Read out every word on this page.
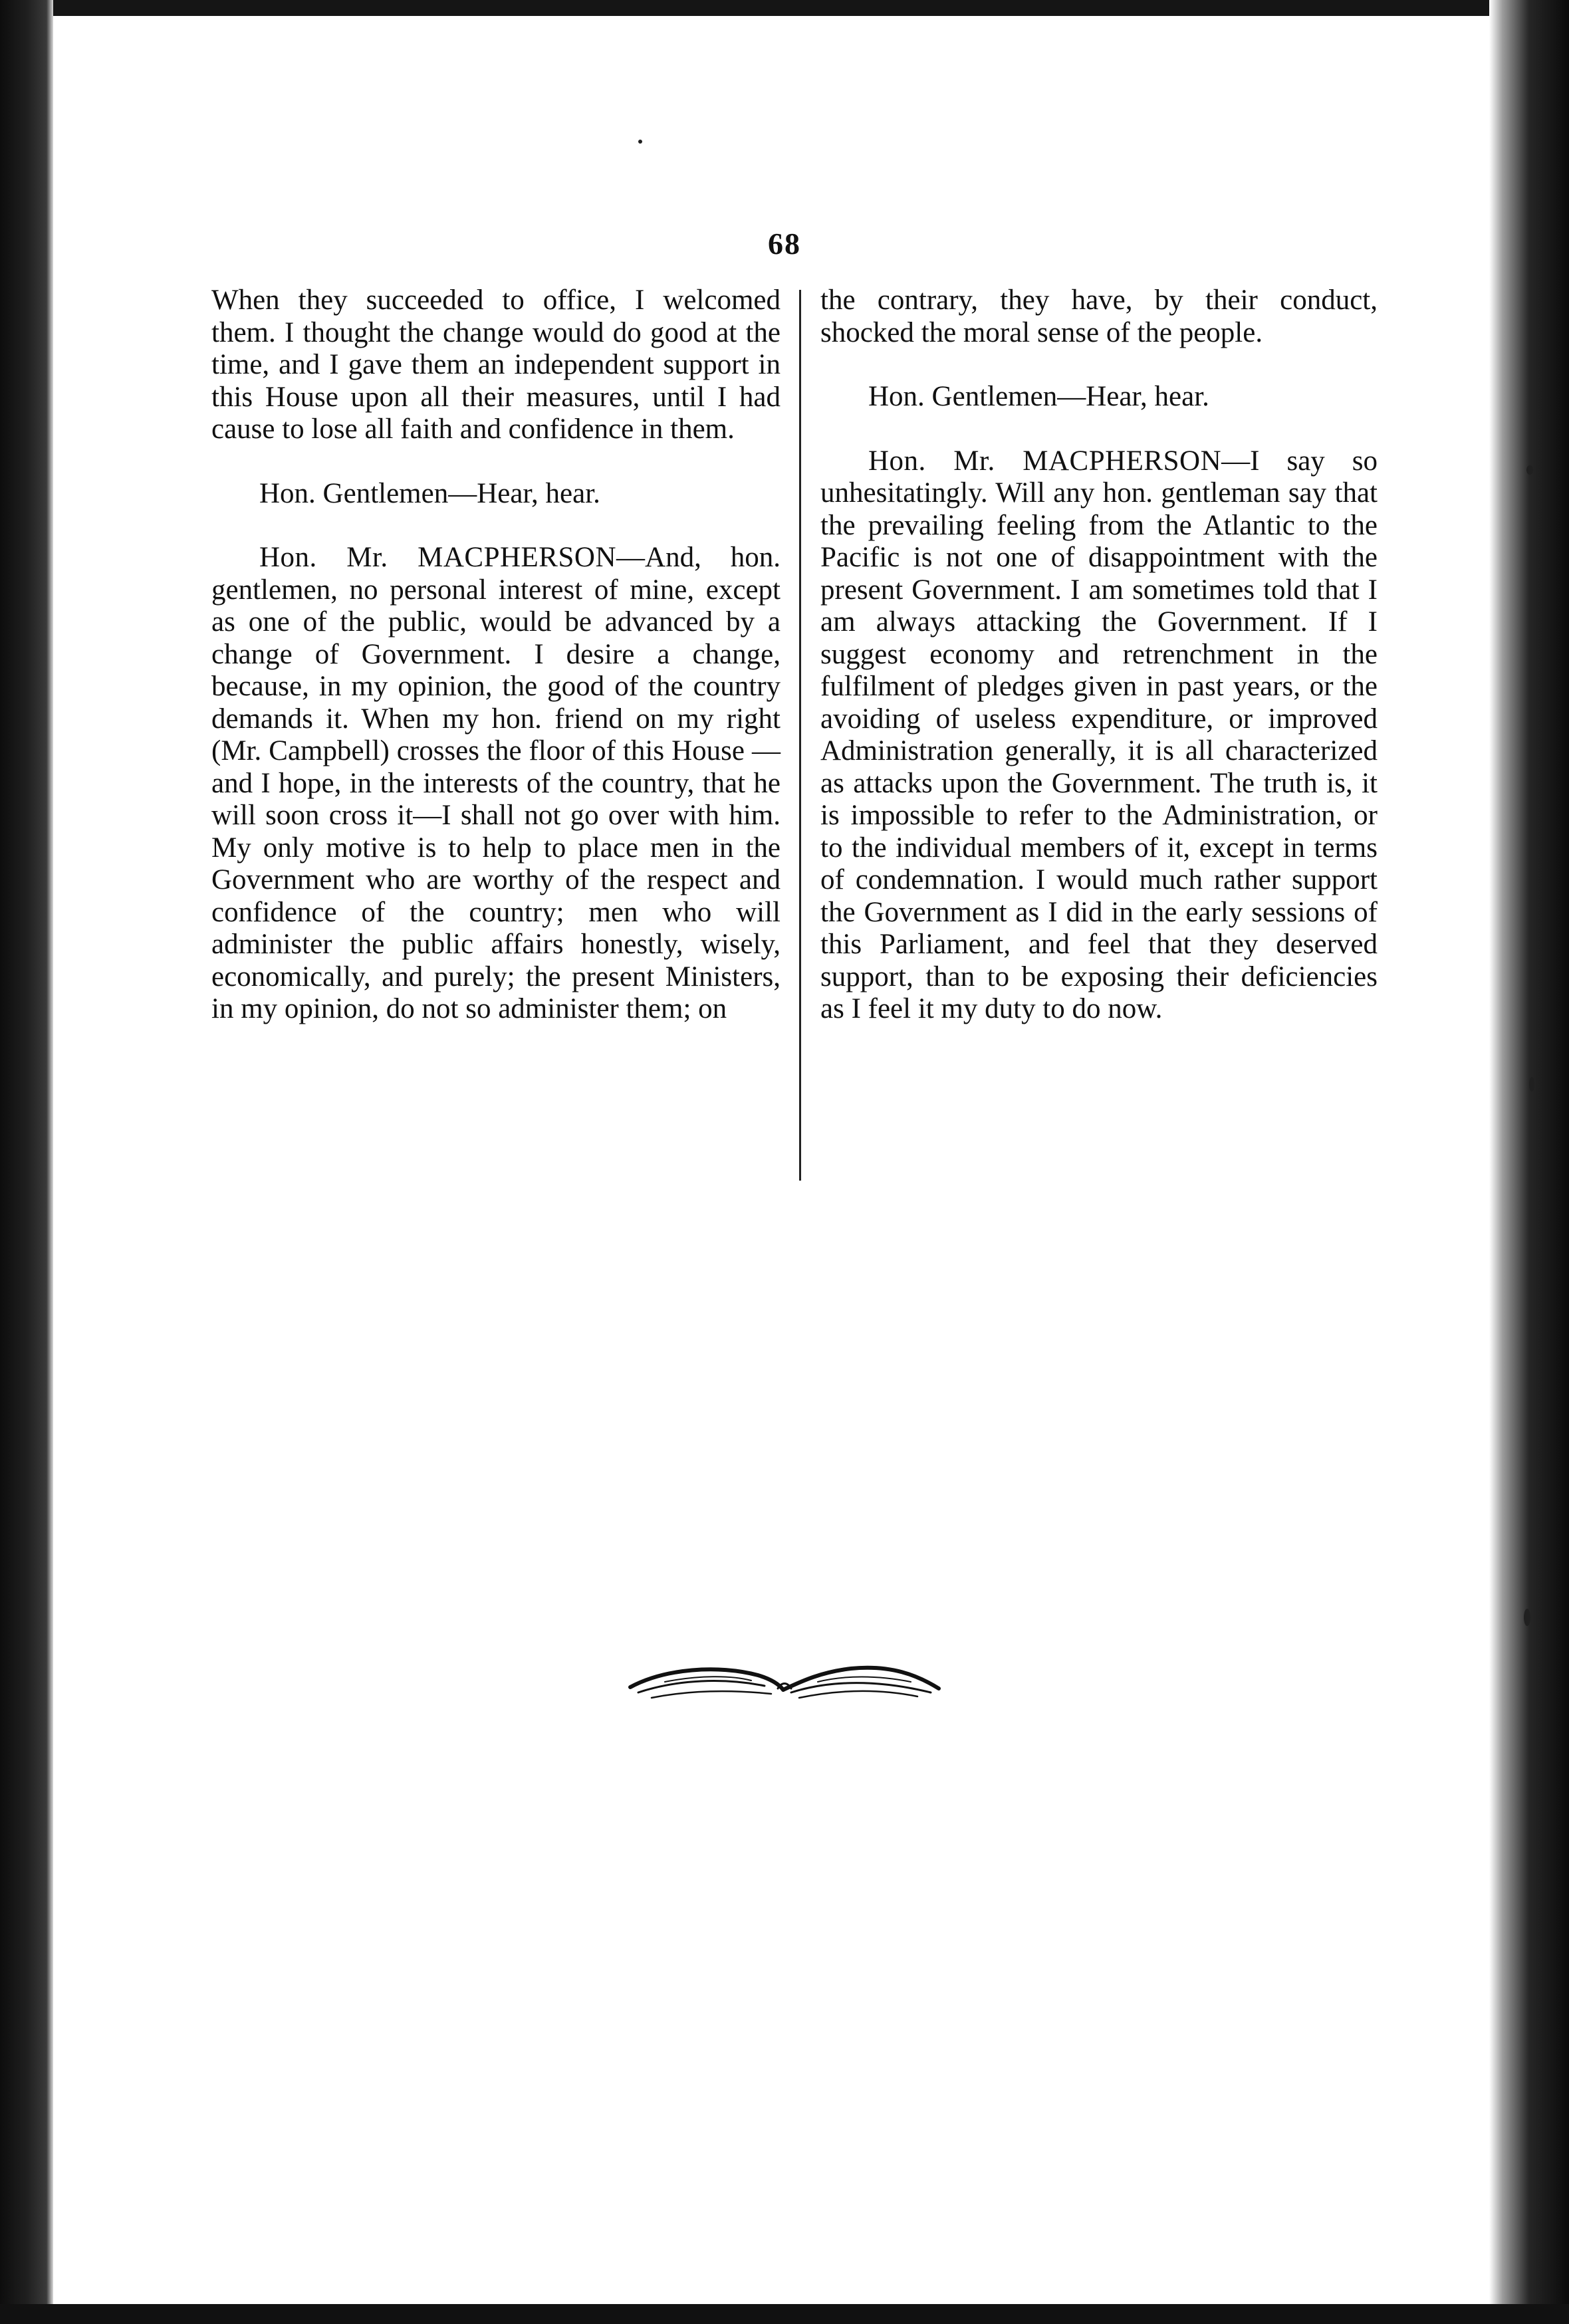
68

When they succeeded to office, I welcomed them. I thought the change would do good at the time, and I gave them an independent support in this House upon all their measures, until I had cause to lose all faith and confidence in them.

Hon. Gentlemen—Hear, hear.

Hon. Mr. MACPHERSON—And, hon. gentlemen, no personal interest of mine, except as one of the public, would be advanced by a change of Government. I desire a change, because, in my opinion, the good of the country demands it. When my hon. friend on my right (Mr. Campbell) crosses the floor of this House —and I hope, in the interests of the country, that he will soon cross it—I shall not go over with him. My only motive is to help to place men in the Government who are worthy of the respect and confidence of the country; men who will administer the public affairs honestly, wisely, economically, and purely; the present Ministers, in my opinion, do not so administer them; on

the contrary, they have, by their conduct, shocked the moral sense of the people.

Hon. Gentlemen—Hear, hear.

Hon. Mr. MACPHERSON—I say so unhesitatingly. Will any hon. gentleman say that the prevailing feeling from the Atlantic to the Pacific is not one of disappointment with the present Government. I am sometimes told that I am always attacking the Government. If I suggest economy and retrenchment in the fulfilment of pledges given in past years, or the avoiding of useless expenditure, or improved Administration generally, it is all characterized as attacks upon the Government. The truth is, it is impossible to refer to the Administration, or to the individual members of it, except in terms of condemnation. I would much rather support the Government as I did in the early sessions of this Parliament, and feel that they deserved support, than to be exposing their deficiencies as I feel it my duty to do now.
